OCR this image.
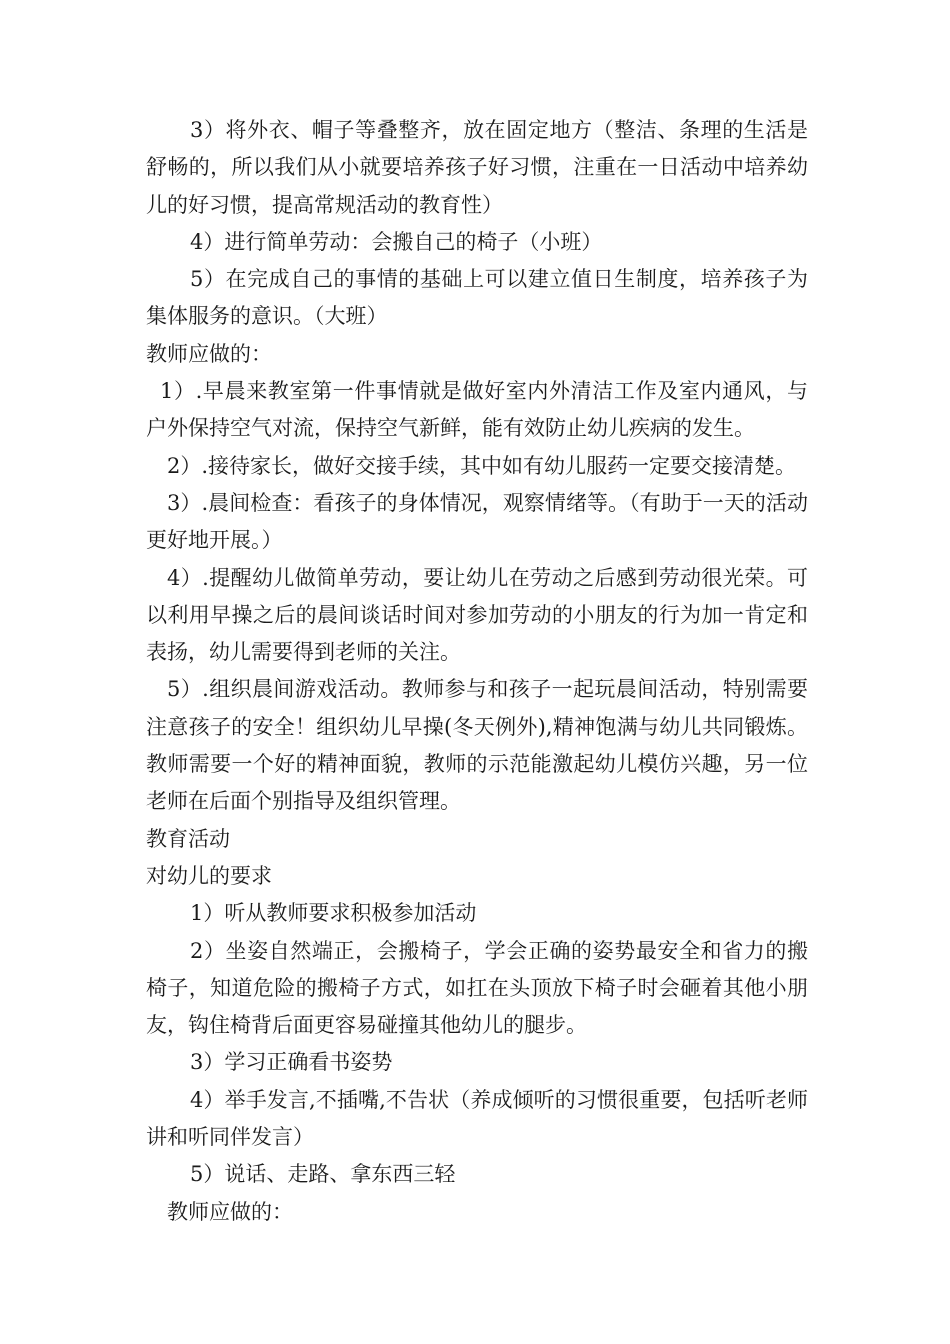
3）将外衣、帽子等叠整齐，放在固定地方（整洁、条理的生活是舒畅的，所以我们从小就要培养孩子好习惯，注重在一日活动中培养幼儿的好习惯，提高常规活动的教育性）

4）进行简单劳动：会搬自己的椅子（小班）

5）在完成自己的事情的基础上可以建立值日生制度，培养孩子为集体服务的意识。（大班）

教师应做的：

1）.早晨来教室第一件事情就是做好室内外清洁工作及室内通风，与户外保持空气对流，保持空气新鲜，能有效防止幼儿疾病的发生。

2）.接待家长，做好交接手续，其中如有幼儿服药一定要交接清楚。

3）.晨间检查：看孩子的身体情况，观察情绪等。（有助于一天的活动更好地开展。）

4）.提醒幼儿做简单劳动，要让幼儿在劳动之后感到劳动很光荣。可以利用早操之后的晨间谈话时间对参加劳动的小朋友的行为加一肯定和表扬，幼儿需要得到老师的关注。

5）.组织晨间游戏活动。教师参与和孩子一起玩晨间活动，特别需要注意孩子的安全！组织幼儿早操(冬天例外),精神饱满与幼儿共同锻炼。教师需要一个好的精神面貌，教师的示范能激起幼儿模仿兴趣，另一位老师在后面个别指导及组织管理。

教育活动

对幼儿的要求

1）听从教师要求积极参加活动

2）坐姿自然端正，会搬椅子，学会正确的姿势最安全和省力的搬椅子，知道危险的搬椅子方式，如扛在头顶放下椅子时会砸着其他小朋友，钩住椅背后面更容易碰撞其他幼儿的腿步。

3）学习正确看书姿势

4）举手发言,不插嘴,不告状（养成倾听的习惯很重要，包括听老师讲和听同伴发言）

5）说话、走路、拿东西三轻

教师应做的：
